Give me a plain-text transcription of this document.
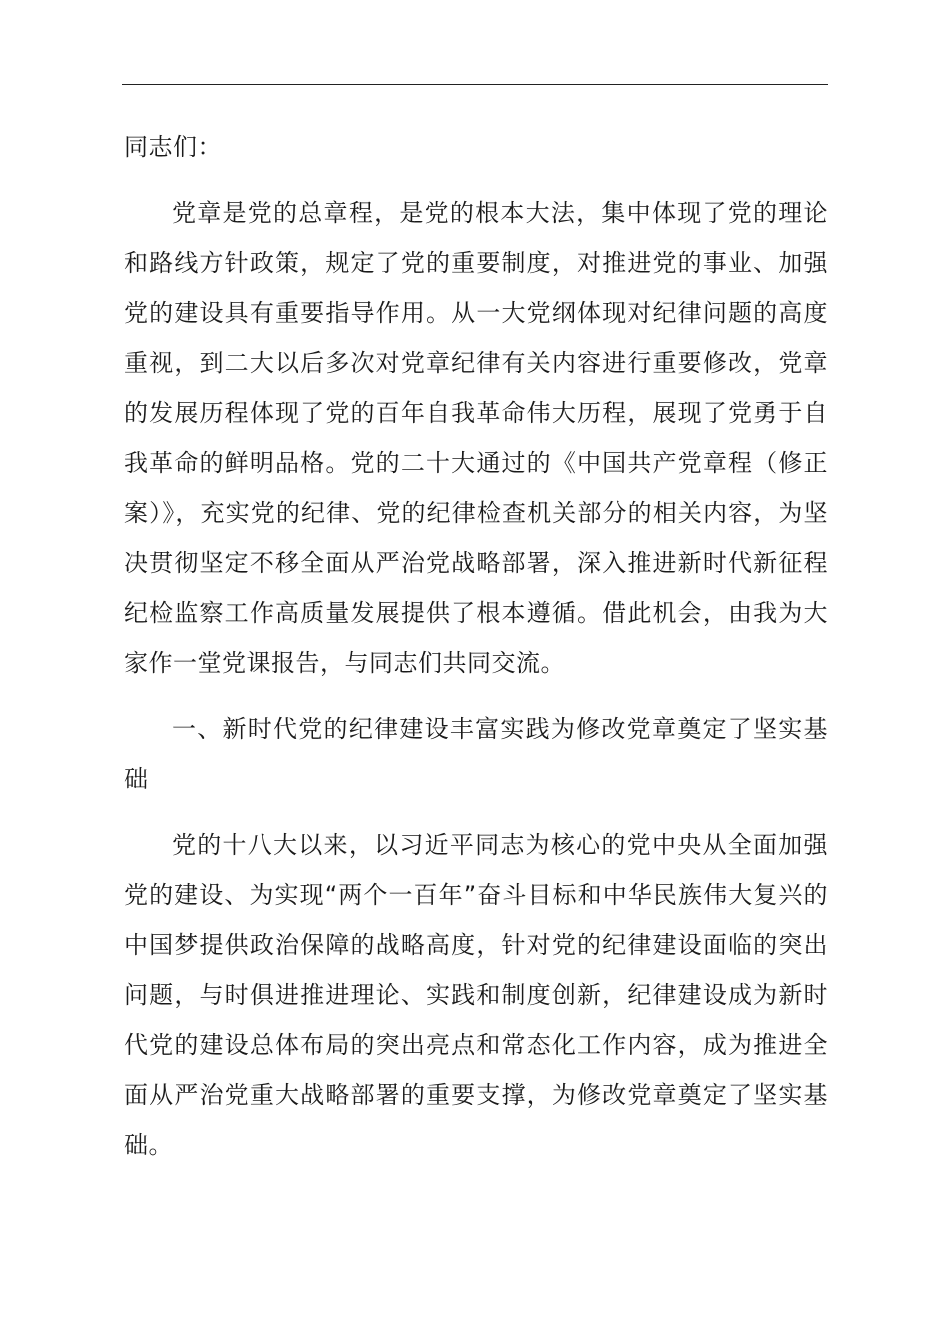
同志们：

党章是党的总章程，是党的根本大法，集中体现了党的理论和路线方针政策，规定了党的重要制度，对推进党的事业、加强党的建设具有重要指导作用。从一大党纲体现对纪律问题的高度重视，到二大以后多次对党章纪律有关内容进行重要修改，党章的发展历程体现了党的百年自我革命伟大历程，展现了党勇于自我革命的鲜明品格。党的二十大通过的《中国共产党章程（修正案）》，充实党的纪律、党的纪律检查机关部分的相关内容，为坚决贯彻坚定不移全面从严治党战略部署，深入推进新时代新征程纪检监察工作高质量发展提供了根本遵循。借此机会，由我为大家作一堂党课报告，与同志们共同交流。

一、新时代党的纪律建设丰富实践为修改党章奠定了坚实基础

党的十八大以来，以习近平同志为核心的党中央从全面加强党的建设、为实现“两个一百年”奋斗目标和中华民族伟大复兴的中国梦提供政治保障的战略高度，针对党的纪律建设面临的突出问题，与时俱进推进理论、实践和制度创新，纪律建设成为新时代党的建设总体布局的突出亮点和常态化工作内容，成为推进全面从严治党重大战略部署的重要支撑，为修改党章奠定了坚实基础。
